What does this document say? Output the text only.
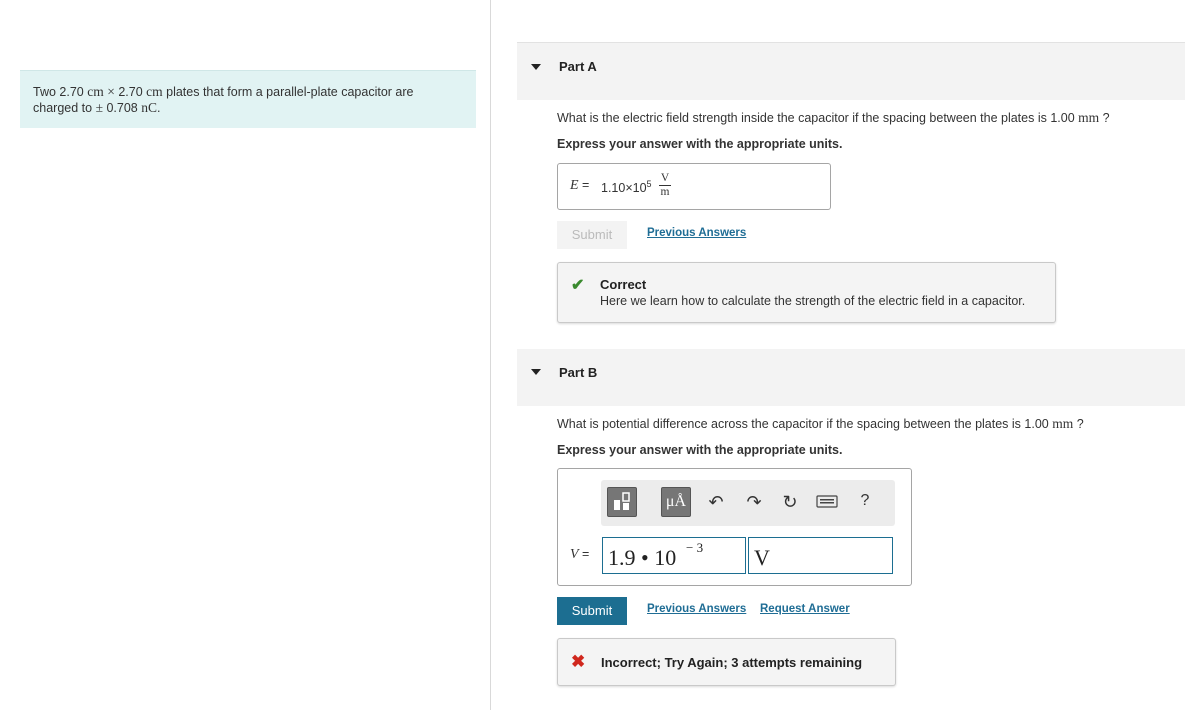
Two 2.70 cm × 2.70 cm plates that form a parallel-plate capacitor are
charged to ± 0.708 nC.
Part A
What is the electric field strength inside the capacitor if the spacing between the plates is 1.00 mm ?
Express your answer with the appropriate units.
$E = 1.10\times 10^5$ V
m
Submit	Previous Answers
✔ Correct
Here we learn how to calculate the strength of the electric field in a capacitor.
Part B
What is potential difference across the capacitor if the spacing between the plates is 1.00 mm ?
Express your answer with the appropriate units.
μÅ ↶ ↷ ↻	?
V = 1.9 • 10 − 3 V
Submit	Previous Answers Request Answer
✖ Incorrect; Try Again; 3 attempts remaining
